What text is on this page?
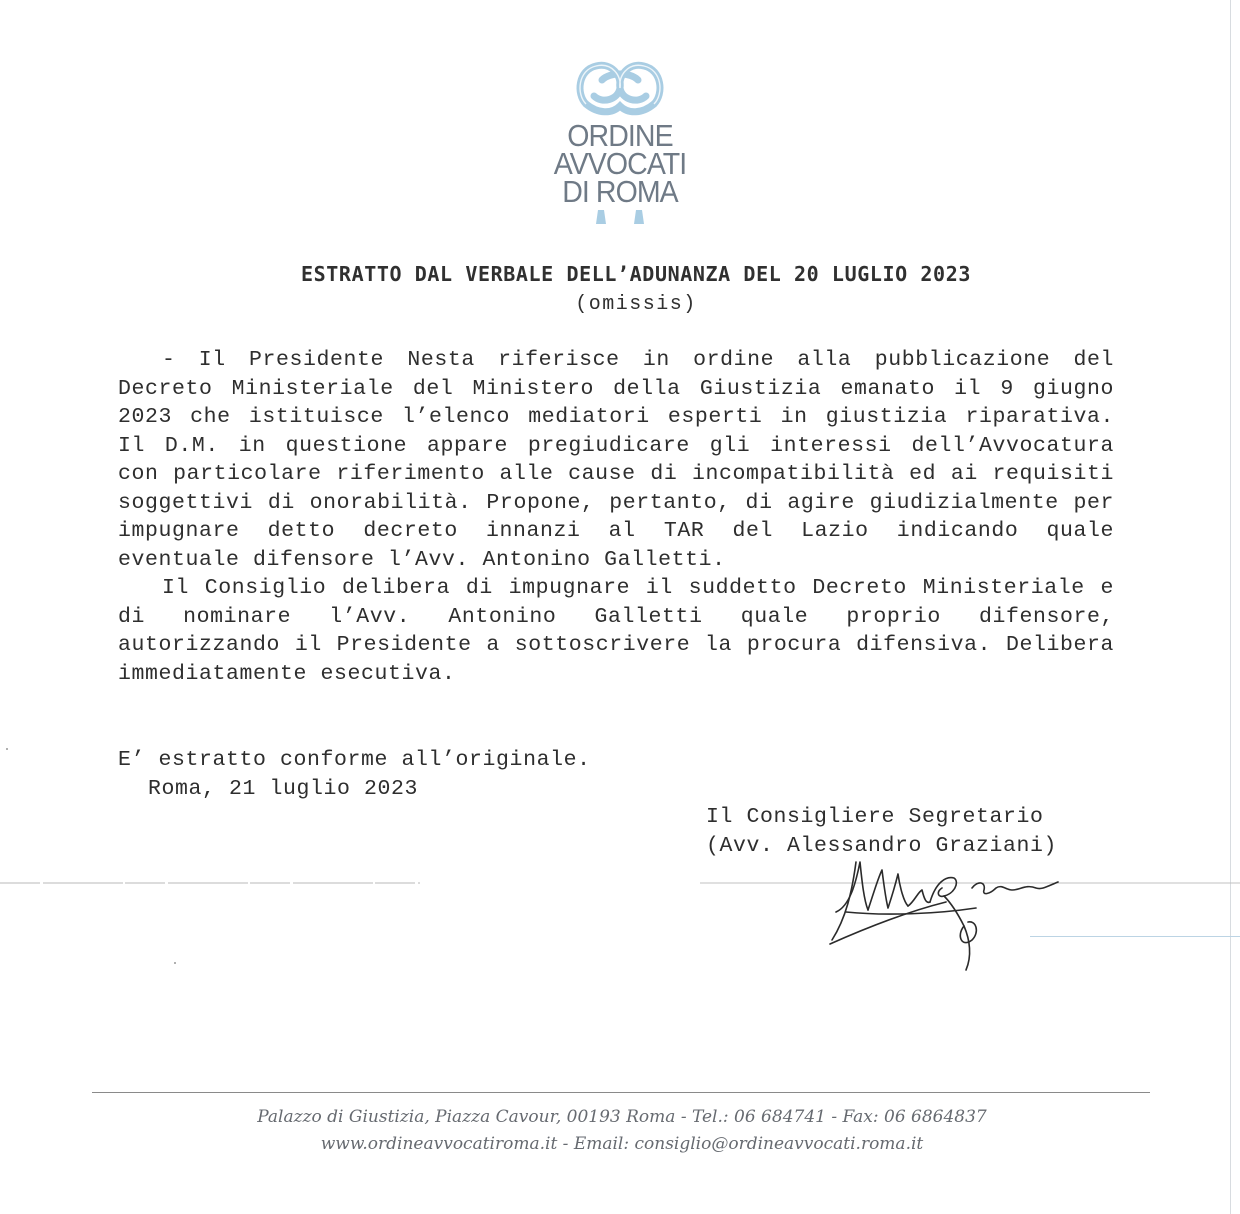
ORDINE
AVVOCATI
DI ROMA
ESTRATTO DAL VERBALE DELL’ADUNANZA DEL 20 LUGLIO 2023
(omissis)

- Il Presidente Nesta riferisce in ordine alla pubblicazione del Decreto Ministeriale del Ministero della Giustizia emanato il 9 giugno 2023 che istituisce l’elenco mediatori esperti in giustizia riparativa. Il D.M. in questione appare pregiudicare gli interessi dell’Avvocatura con particolare riferimento alle cause di incompatibilità ed ai requisiti soggettivi di onorabilità. Propone, pertanto, di agire giudizialmente per impugnare detto decreto innanzi al TAR del Lazio indicando quale eventuale difensore l’Avv. Antonino Galletti.

Il Consiglio delibera di impugnare il suddetto Decreto Ministeriale e di nominare l’Avv. Antonino Galletti quale proprio difensore, autorizzando il Presidente a sottoscrivere la procura difensiva. Delibera immediatamente esecutiva.

E’ estratto conforme all’originale.
Roma, 21 luglio 2023
Il Consigliere Segretario
(Avv. Alessandro Graziani)
Palazzo di Giustizia, Piazza Cavour, 00193 Roma - Tel.: 06 684741 - Fax: 06 6864837
www.ordineavvocatiroma.it - Email: consiglio@ordineavvocati.roma.it
